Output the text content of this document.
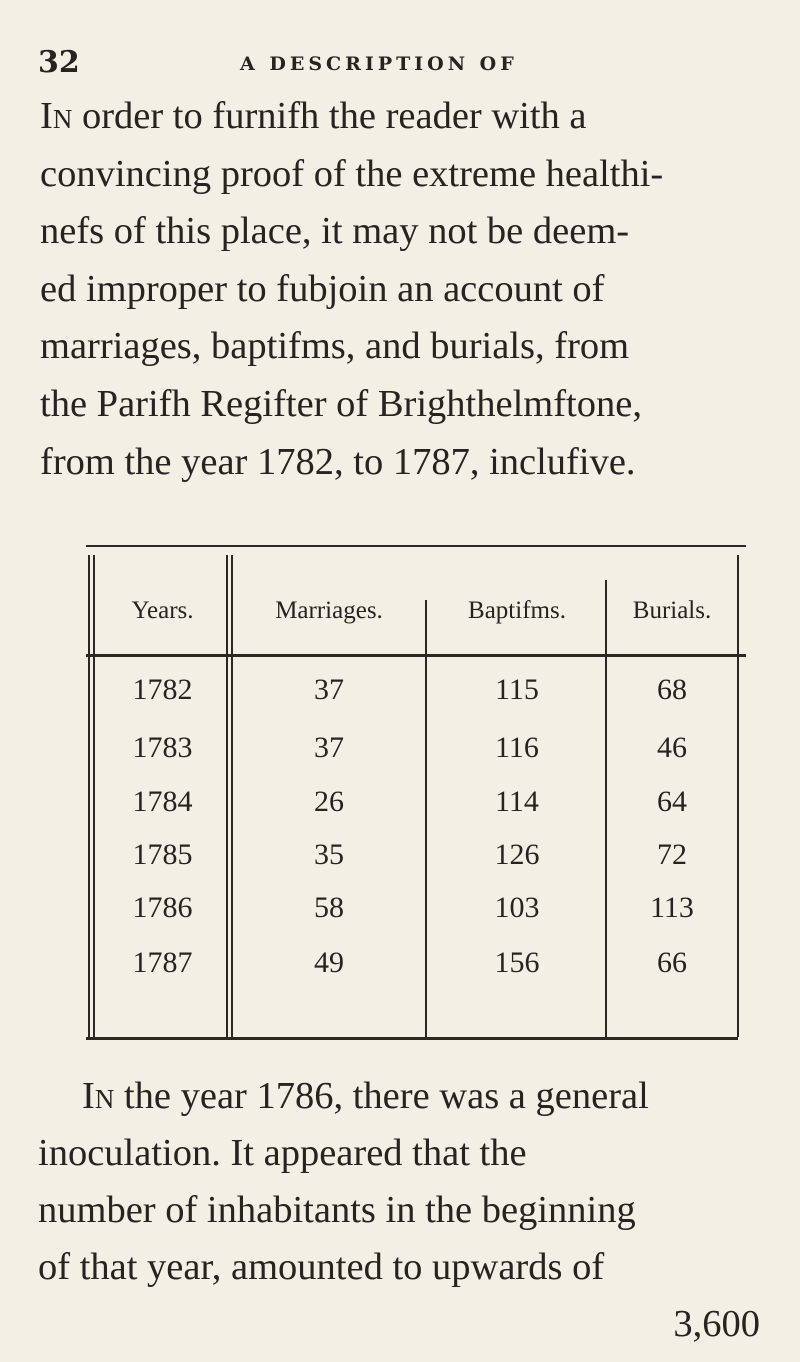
32	A DESCRIPTION OF
In order to furnifh the reader with a
convincing proof of the extreme healthi-
nefs of this place, it may not be deem-
ed improper to fubjoin an account of
marriages, baptifms, and burials, from
the Parifh Regifter of Brighthelmftone,
from the year 1782, to 1787, inclufive.
Years.	Marriages.	Baptifms.	Burials.
1782	37	115	68
1783	37	116	46
1784	26	114	64
1785	35	126	72
1786	58	103	113
1787	49	156	66
In the year 1786, there was a general
inoculation. It appeared that the
number of inhabitants in the beginning
of that year, amounted to upwards of
3,600
